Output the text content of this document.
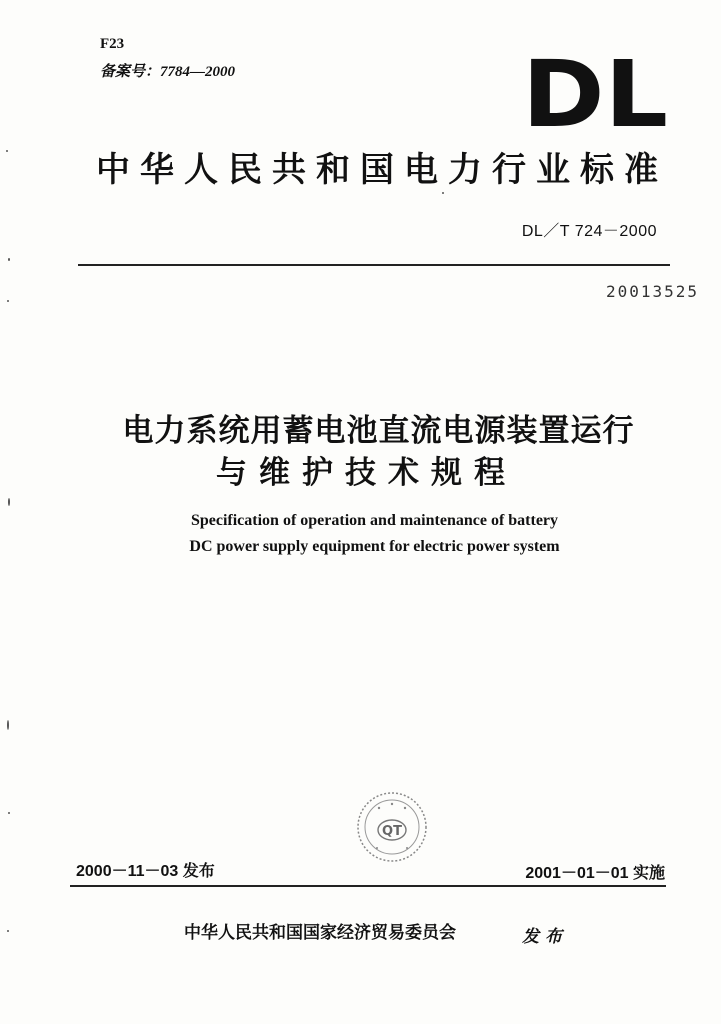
F23
备案号：7784—2000	DL
中华人民共和国电力行业标准
DL／T 724－2000
20013525
电力系统用蓄电池直流电源装置运行
与维护技术规程
Specification of operation and maintenance of battery
DC power supply equipment for electric power system
QT
2000－11－03 发布	2001－01－01 实施
中华人民共和国国家经济贸易委员会	发布
